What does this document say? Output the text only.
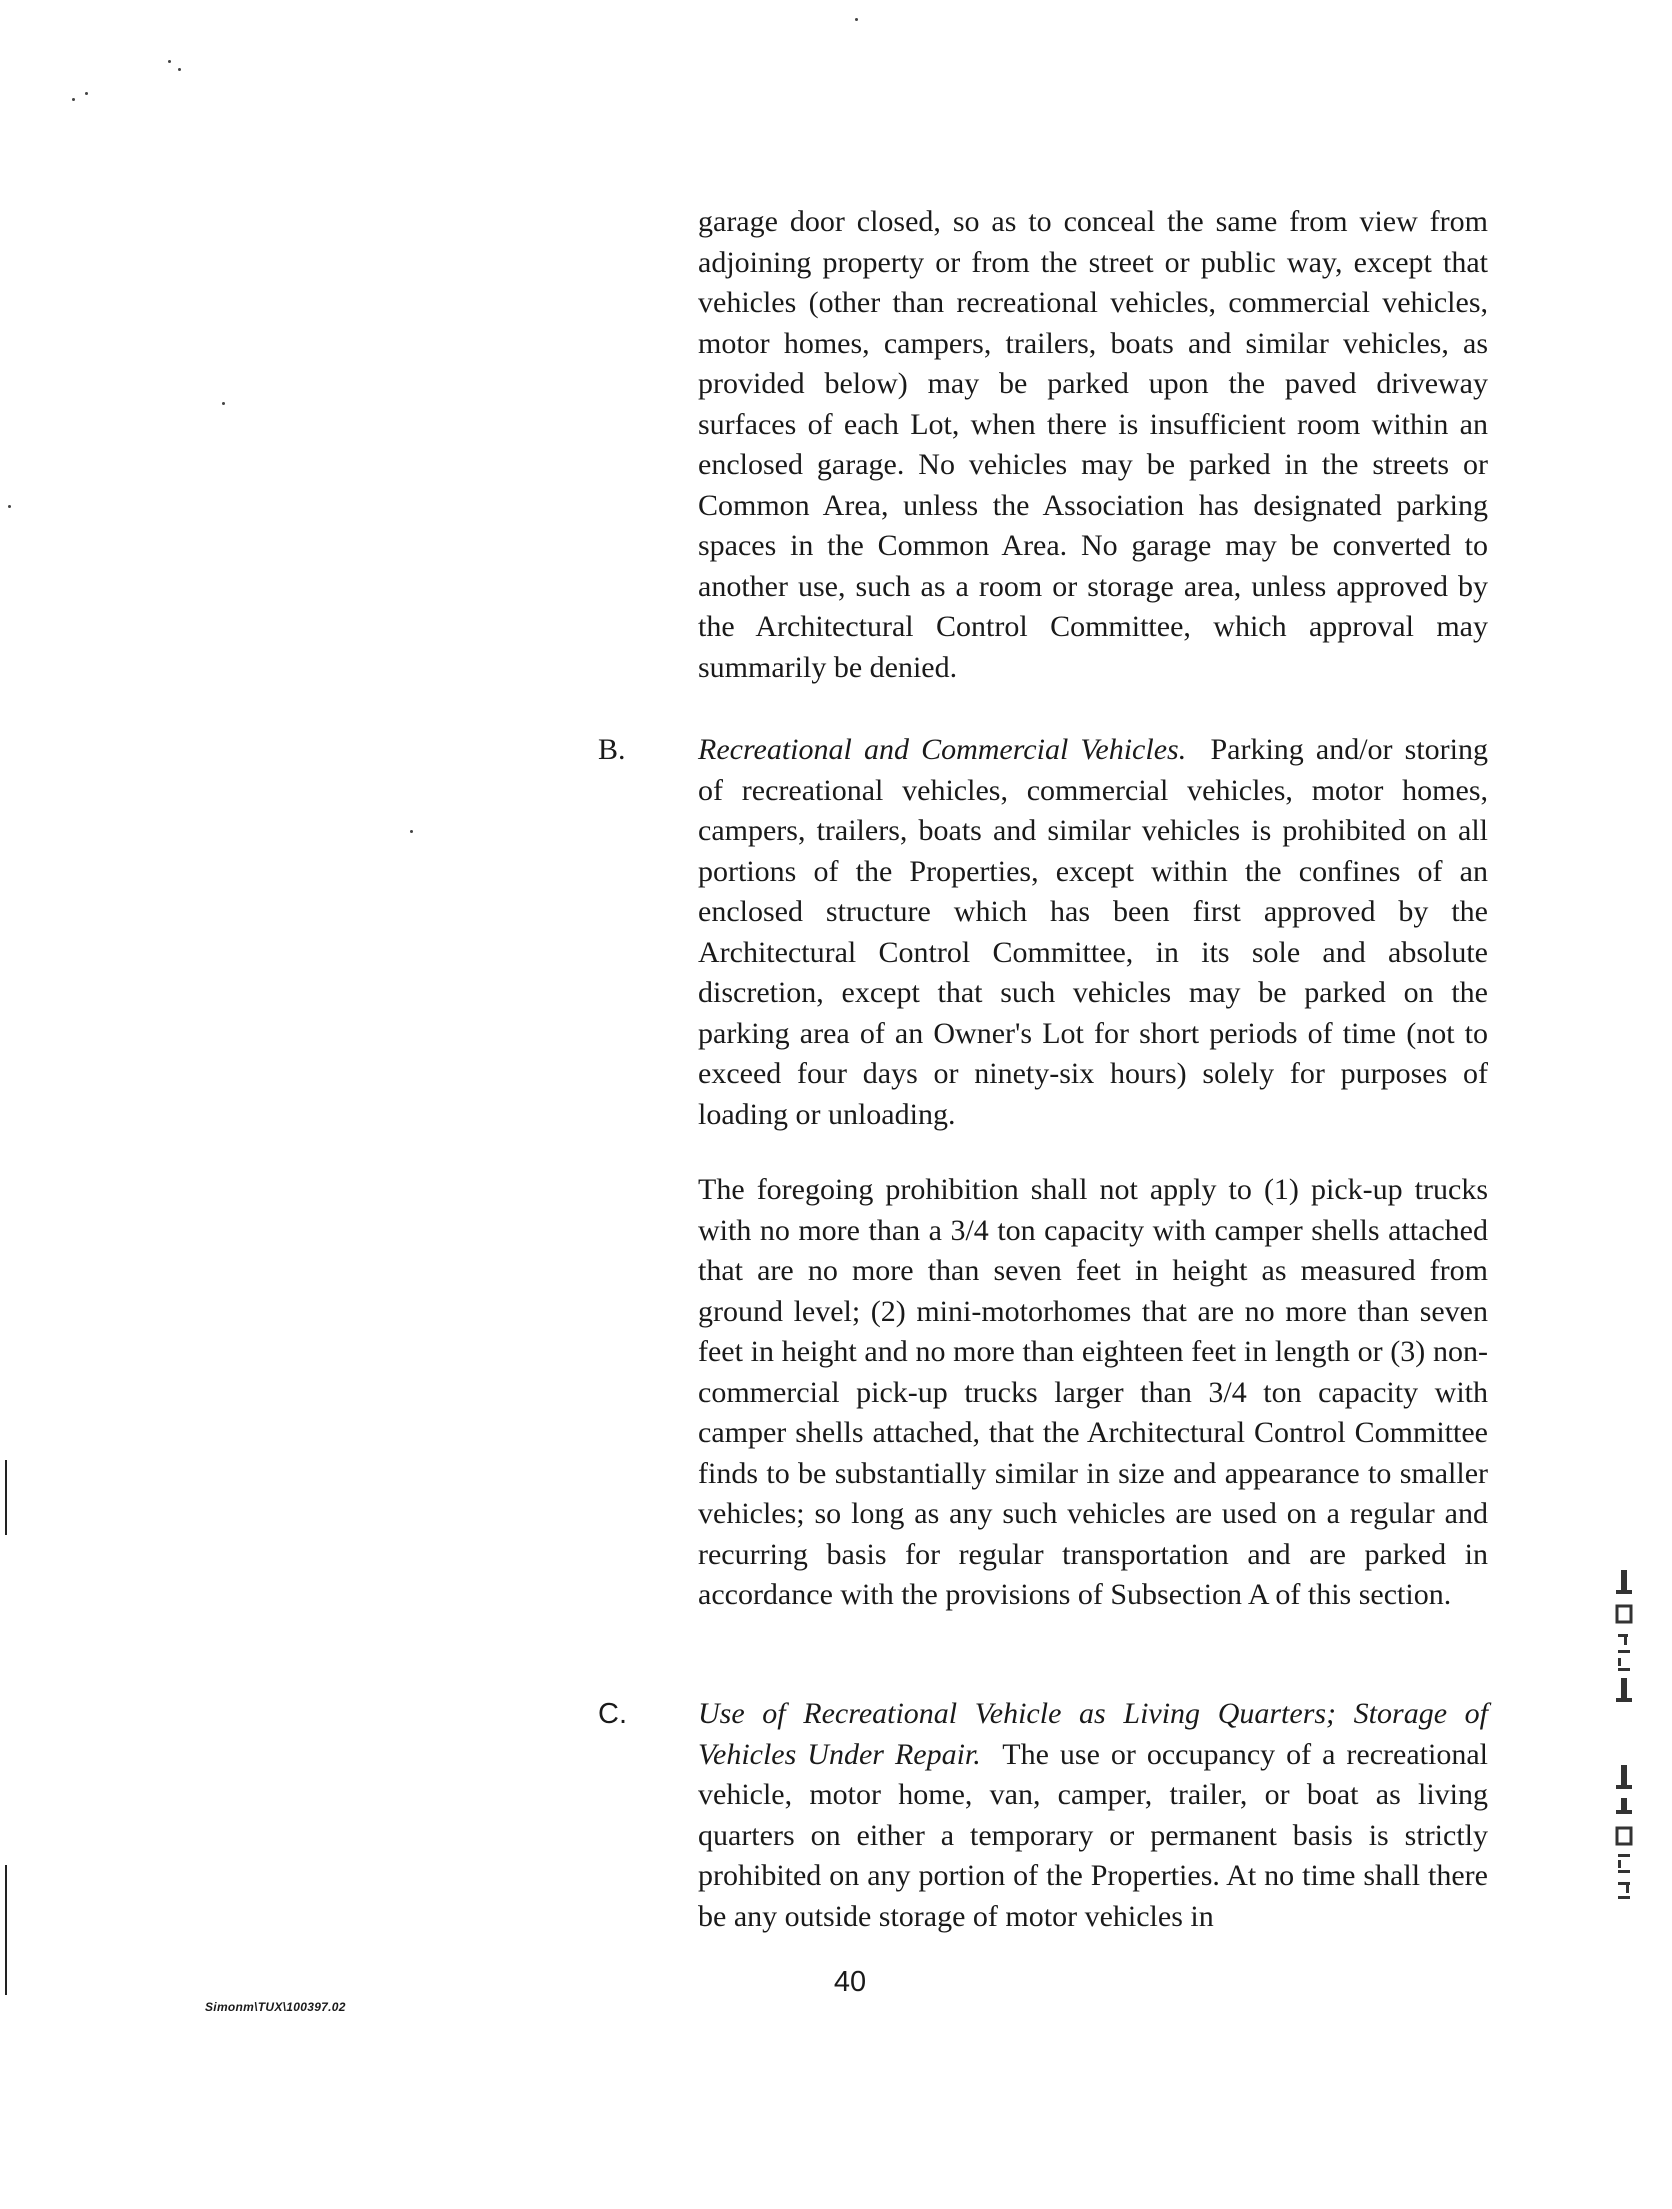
garage door closed, so as to conceal the same from view from adjoining property or from the street or public way, except that vehicles (other than recreational vehicles, commercial vehicles, motor homes, campers, trailers, boats and similar vehicles, as provided below) may be parked upon the paved driveway surfaces of each Lot, when there is insufficient room within an enclosed garage. No vehicles may be parked in the streets or Common Area, unless the Association has designated parking spaces in the Common Area. No garage may be converted to another use, such as a room or storage area, unless approved by the Architectural Control Committee, which approval may summarily be denied.

B. Recreational and Commercial Vehicles. Parking and/or storing of recreational vehicles, commercial vehicles, motor homes, campers, trailers, boats and similar vehicles is prohibited on all portions of the Properties, except within the confines of an enclosed structure which has been first approved by the Architectural Control Committee, in its sole and absolute discretion, except that such vehicles may be parked on the parking area of an Owner's Lot for short periods of time (not to exceed four days or ninety-six hours) solely for purposes of loading or unloading.

The foregoing prohibition shall not apply to (1) pick-up trucks with no more than a 3/4 ton capacity with camper shells attached that are no more than seven feet in height as measured from ground level; (2) mini-motorhomes that are no more than seven feet in height and no more than eighteen feet in length or (3) non-commercial pick-up trucks larger than 3/4 ton capacity with camper shells attached, that the Architectural Control Committee finds to be substantially similar in size and appearance to smaller vehicles; so long as any such vehicles are used on a regular and recurring basis for regular transportation and are parked in accordance with the provisions of Subsection A of this section.

C. Use of Recreational Vehicle as Living Quarters; Storage of Vehicles Under Repair. The use or occupancy of a recreational vehicle, motor home, van, camper, trailer, or boat as living quarters on either a temporary or permanent basis is strictly prohibited on any portion of the Properties. At no time shall there be any outside storage of motor vehicles in

40
Simonm\TUX\100397.02
